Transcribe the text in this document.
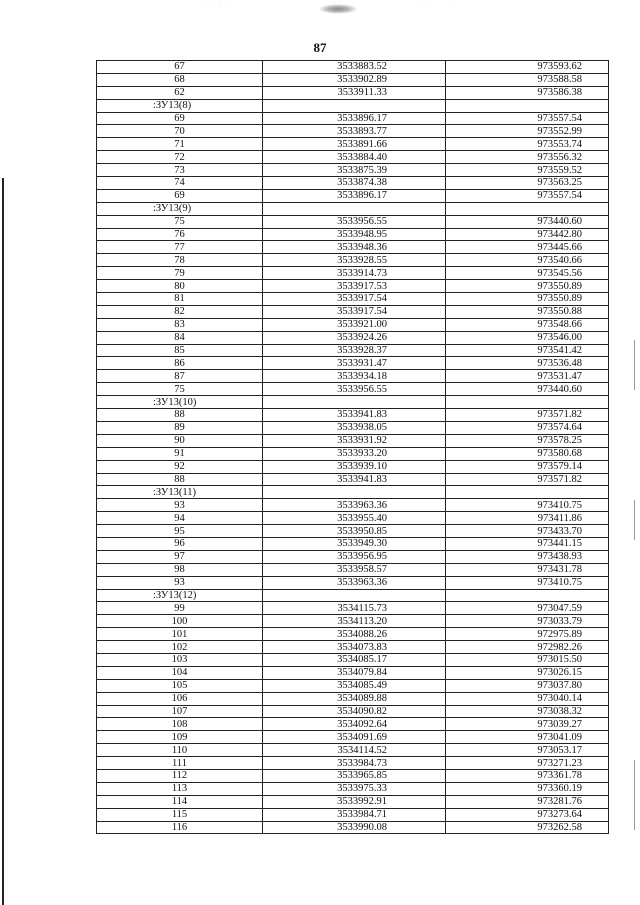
· · · ·	· · · ·
87
67	3533883.52	973593.62
68	3533902.89	973588.58
62	3533911.33	973586.38
:ЗУ13(8)		
69	3533896.17	973557.54
70	3533893.77	973552.99
71	3533891.66	973553.74
72	3533884.40	973556.32
73	3533875.39	973559.52
74	3533874.38	973563.25
69	3533896.17	973557.54
:ЗУ13(9)		
75	3533956.55	973440.60
76	3533948.95	973442.80
77	3533948.36	973445.66
78	3533928.55	973540.66
79	3533914.73	973545.56
80	3533917.53	973550.89
81	3533917.54	973550.89
82	3533917.54	973550.88
83	3533921.00	973548.66
84	3533924.26	973546.00
85	3533928.37	973541.42
86	3533931.47	973536.48
87	3533934.18	973531.47
75	3533956.55	973440.60
:ЗУ13(10)		
88	3533941.83	973571.82
89	3533938.05	973574.64
90	3533931.92	973578.25
91	3533933.20	973580.68
92	3533939.10	973579.14
88	3533941.83	973571.82
:ЗУ13(11)		
93	3533963.36	973410.75
94	3533955.40	973411.86
95	3533950.85	973433.70
96	3533949.30	973441.15
97	3533956.95	973438.93
98	3533958.57	973431.78
93	3533963.36	973410.75
:ЗУ13(12)		
99	3534115.73	973047.59
100	3534113.20	973033.79
101	3534088.26	972975.89
102	3534073.83	972982.26
103	3534085.17	973015.50
104	3534079.84	973026.15
105	3534085.49	973037.80
106	3534089.88	973040.14
107	3534090.82	973038.32
108	3534092.64	973039.27
109	3534091.69	973041.09
110	3534114.52	973053.17
111	3533984.73	973271.23
112	3533965.85	973361.78
113	3533975.33	973360.19
114	3533992.91	973281.76
115	3533984.71	973273.64
116	3533990.08	973262.58
